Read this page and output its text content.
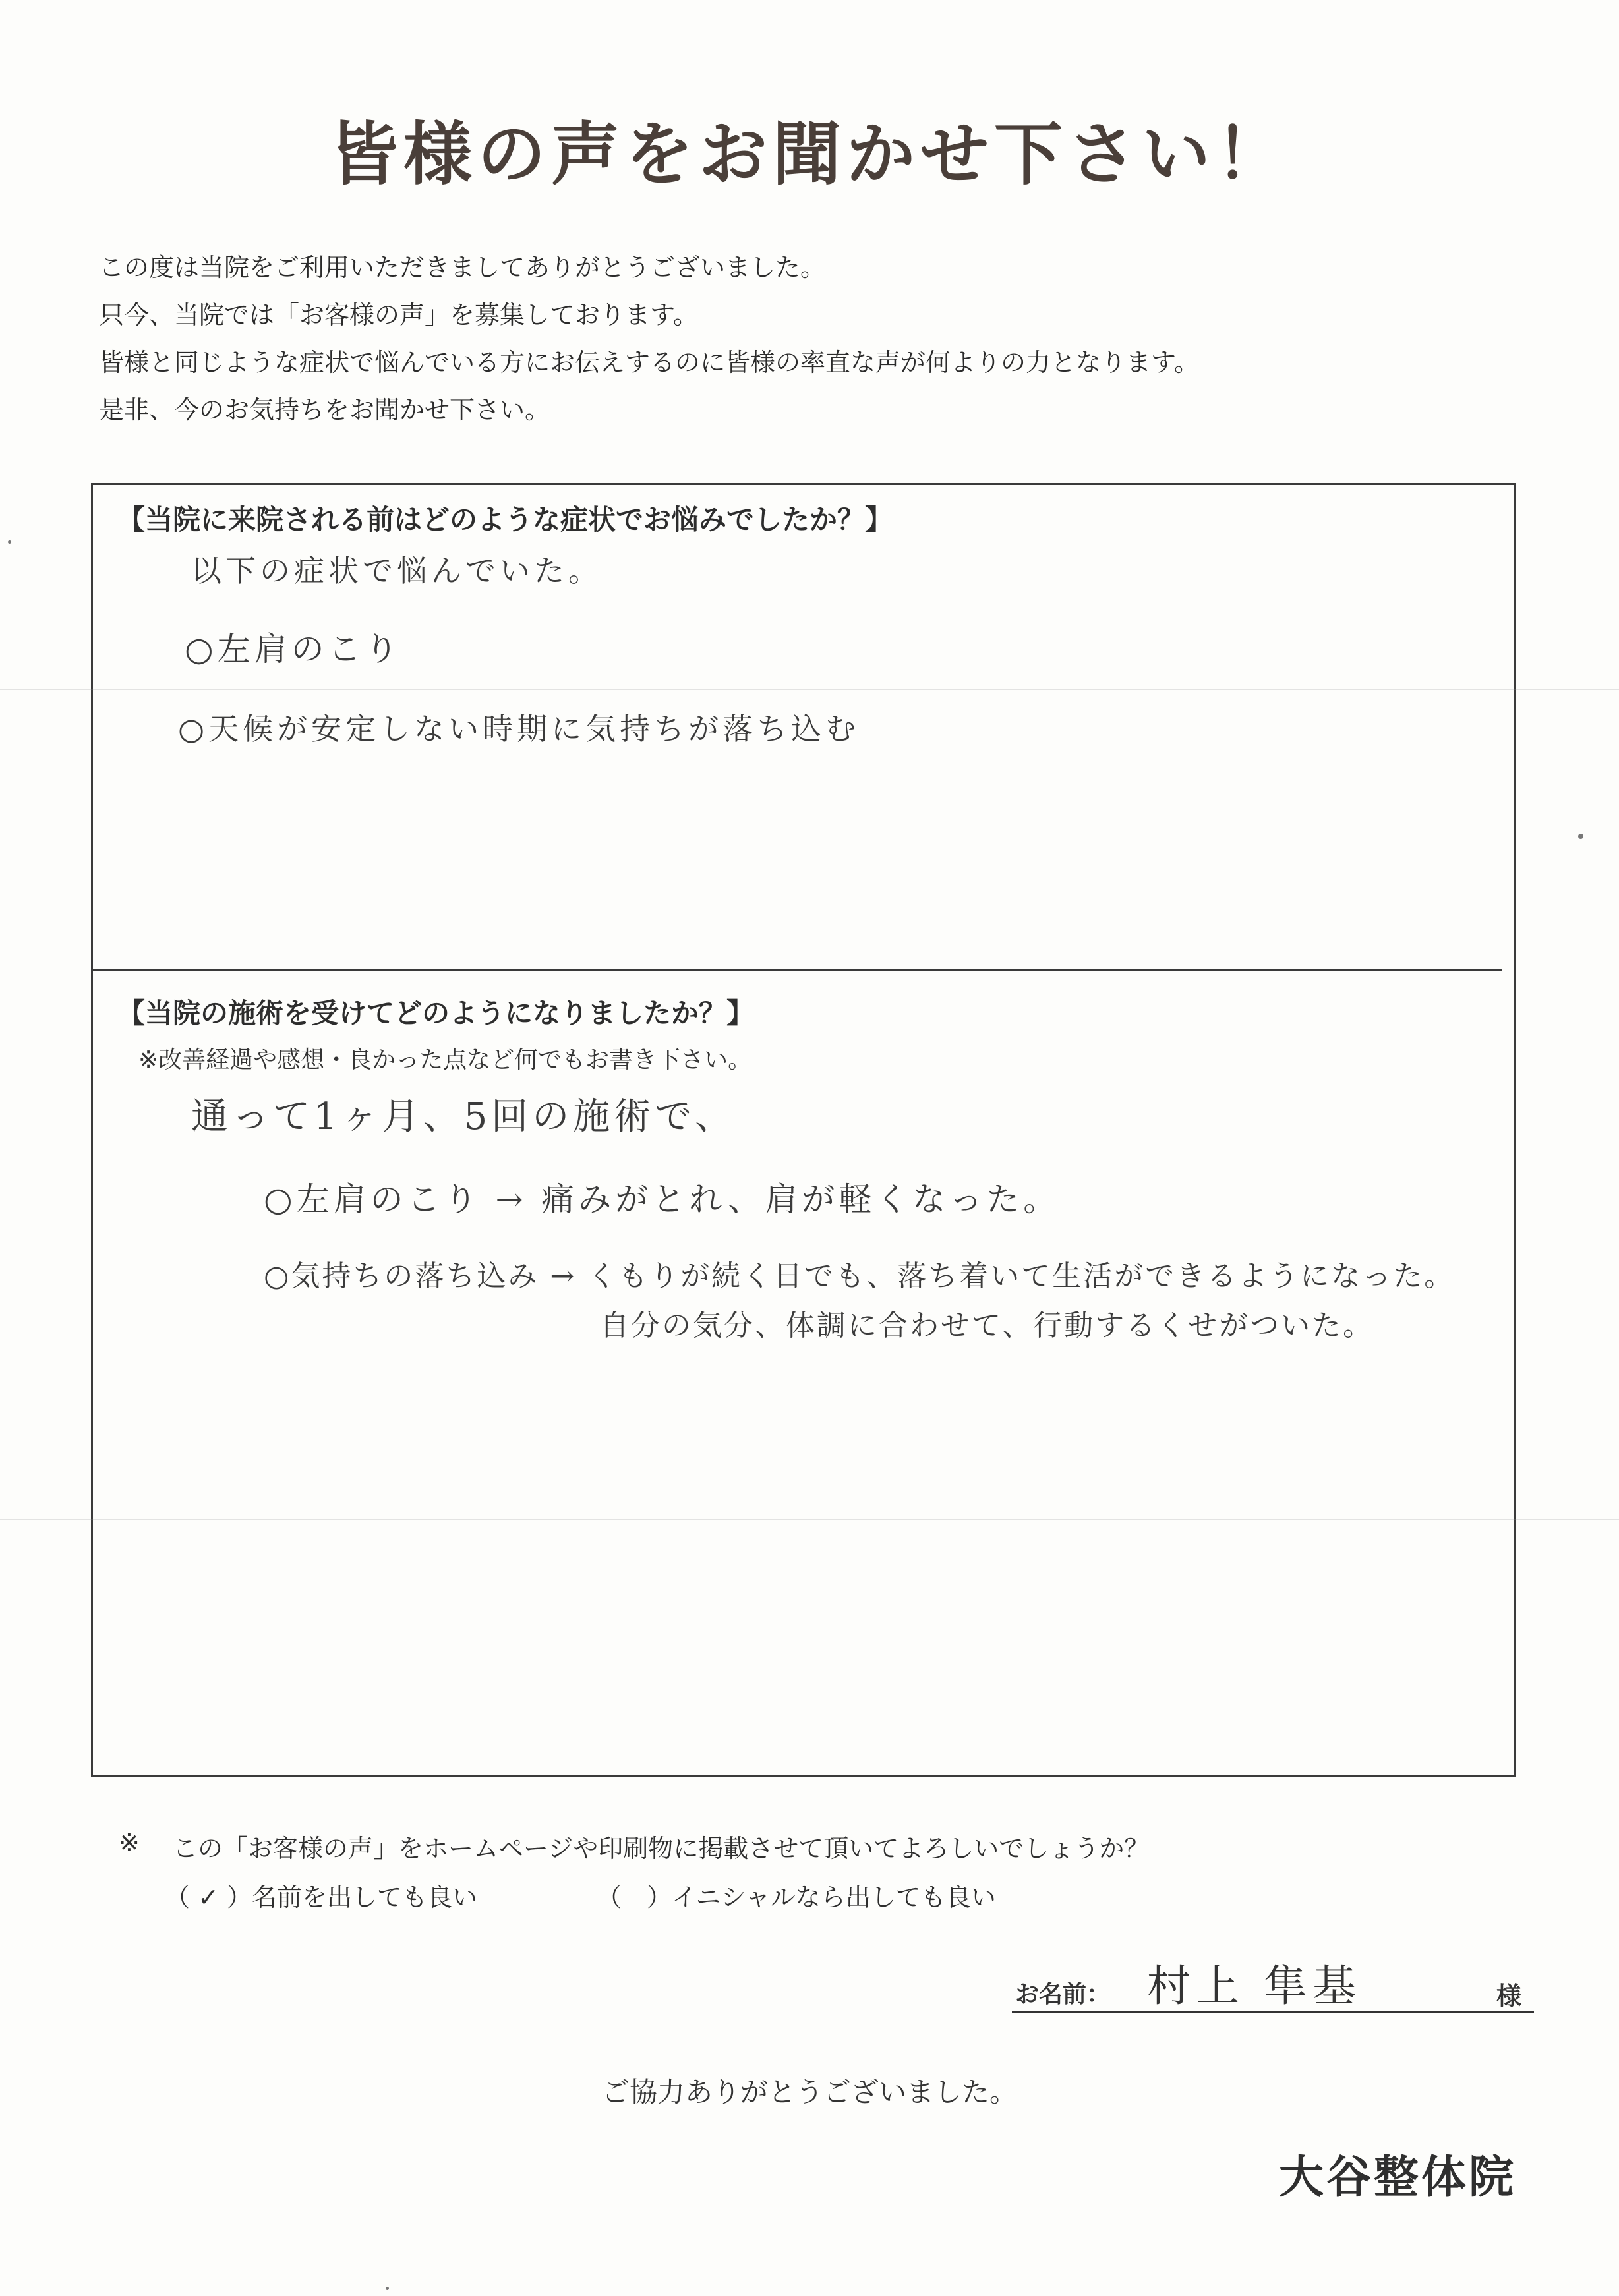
皆様の声をお聞かせ下さい！
この度は当院をご利用いただきましてありがとうございました。
只今、当院では「お客様の声」を募集しております。
皆様と同じような症状で悩んでいる方にお伝えするのに皆様の率直な声が何よりの力となります。
是非、今のお気持ちをお聞かせ下さい。
【当院に来院される前はどのような症状でお悩みでしたか？】
以下の症状で悩んでいた。
○左肩のこり
○天候が安定しない時期に気持ちが落ち込む
【当院の施術を受けてどのようになりましたか？】
※改善経過や感想・良かった点など何でもお書き下さい。
通って1ヶ月、5回の施術で、
○左肩のこり → 痛みがとれ、肩が軽くなった。
○気持ちの落ち込み → くもりが続く日でも、落ち着いて生活ができるようになった。
自分の気分、体調に合わせて、行動するくせがついた。
※ この「お客様の声」をホームページや印刷物に掲載させて頂いてよろしいでしょうか？
（ ✓ ）名前を出しても良い	（　）イニシャルなら出しても良い
お名前： 村上 隼基	様
ご協力ありがとうございました。
大谷整体院
